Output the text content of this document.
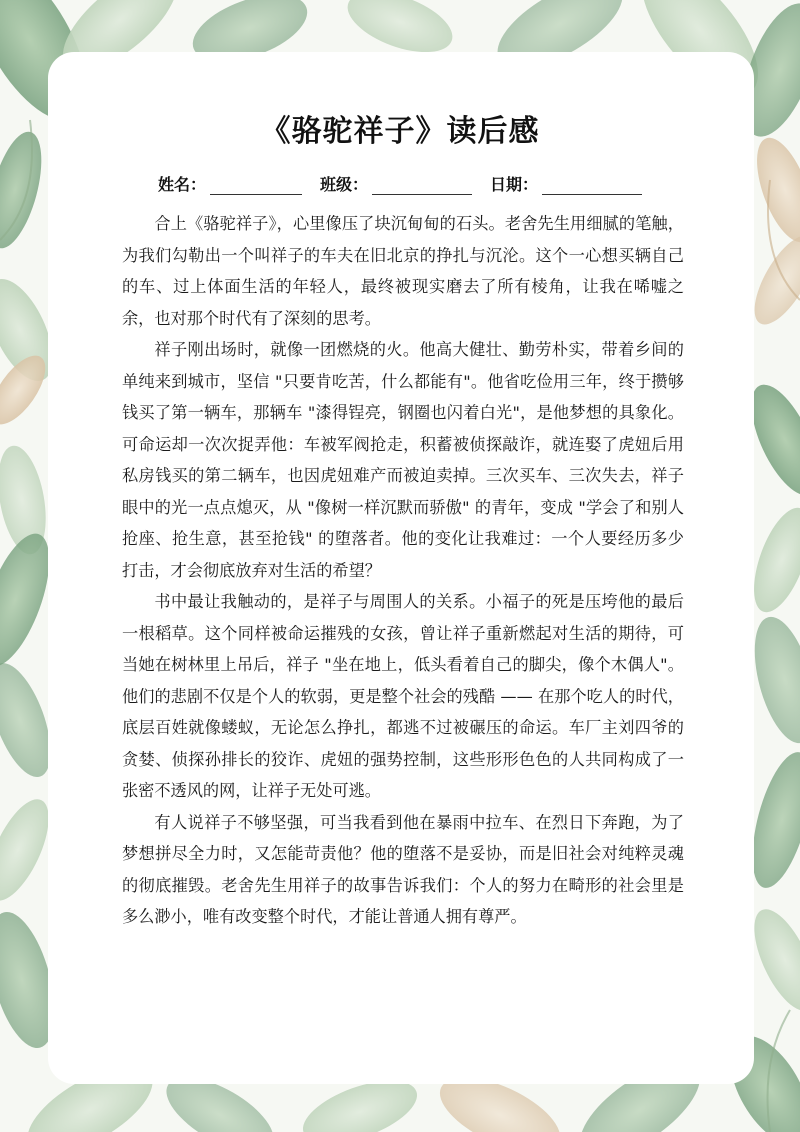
《骆驼祥子》读后感
姓名：	班级：	日期：

合上《骆驼祥子》，心里像压了块沉甸甸的石头。老舍先生用细腻的笔触，为我们勾勒出一个叫祥子的车夫在旧北京的挣扎与沉沦。这个一心想买辆自己的车、过上体面生活的年轻人，最终被现实磨去了所有棱角，让我在唏嘘之余，也对那个时代有了深刻的思考。

祥子刚出场时，就像一团燃烧的火。他高大健壮、勤劳朴实，带着乡间的单纯来到城市，坚信 "只要肯吃苦，什么都能有"。他省吃俭用三年，终于攒够钱买了第一辆车，那辆车 "漆得锃亮，钢圈也闪着白光"，是他梦想的具象化。可命运却一次次捉弄他：车被军阀抢走，积蓄被侦探敲诈，就连娶了虎妞后用私房钱买的第二辆车，也因虎妞难产而被迫卖掉。三次买车、三次失去，祥子眼中的光一点点熄灭，从 "像树一样沉默而骄傲" 的青年，变成 "学会了和别人抢座、抢生意，甚至抢钱" 的堕落者。他的变化让我难过：一个人要经历多少打击，才会彻底放弃对生活的希望？

书中最让我触动的，是祥子与周围人的关系。小福子的死是压垮他的最后一根稻草。这个同样被命运摧残的女孩，曾让祥子重新燃起对生活的期待，可当她在树林里上吊后，祥子 "坐在地上，低头看着自己的脚尖，像个木偶人"。他们的悲剧不仅是个人的软弱，更是整个社会的残酷 —— 在那个吃人的时代，底层百姓就像蝼蚁，无论怎么挣扎，都逃不过被碾压的命运。车厂主刘四爷的贪婪、侦探孙排长的狡诈、虎妞的强势控制，这些形形色色的人共同构成了一张密不透风的网，让祥子无处可逃。

有人说祥子不够坚强，可当我看到他在暴雨中拉车、在烈日下奔跑，为了梦想拼尽全力时，又怎能苛责他？他的堕落不是妥协，而是旧社会对纯粹灵魂的彻底摧毁。老舍先生用祥子的故事告诉我们：个人的努力在畸形的社会里是多么渺小，唯有改变整个时代，才能让普通人拥有尊严。
